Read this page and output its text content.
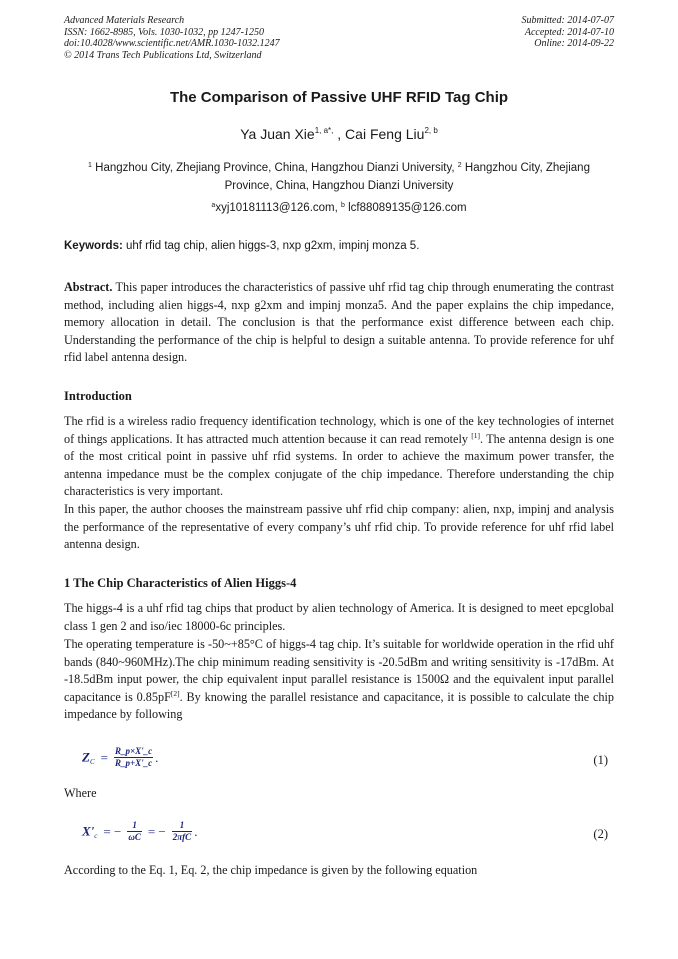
Advanced Materials Research
ISSN: 1662-8985, Vols. 1030-1032, pp 1247-1250
doi:10.4028/www.scientific.net/AMR.1030-1032.1247
© 2014 Trans Tech Publications Ltd, Switzerland
Submitted: 2014-07-07
Accepted: 2014-07-10
Online: 2014-09-22
The Comparison of Passive UHF RFID Tag Chip
Ya Juan Xie$^{1, a*,}$ , Cai Feng Liu$^{2, b}$
$^1$ Hangzhou City, Zhejiang Province, China, Hangzhou Dianzi University, $^2$ Hangzhou City, Zhejiang Province, China, Hangzhou Dianzi University
$^a$xyj10181113@126.com, $^b$ lcf88089135@126.com
Keywords: uhf rfid tag chip, alien higgs-3, nxp g2xm, impinj monza 5.
Abstract. This paper introduces the characteristics of passive uhf rfid tag chip through enumerating the contrast method, including alien higgs-4, nxp g2xm and impinj monza5. And the paper explains the chip impedance, memory allocation in detail. The conclusion is that the performance exist difference between each chip. Understanding the performance of the chip is helpful to design a suitable antenna. To provide reference for uhf rfid label antenna design.
Introduction
The rfid is a wireless radio frequency identification technology, which is one of the key technologies of internet of things applications. It has attracted much attention because it can read remotely [1]. The antenna design is one of the most critical point in passive uhf rfid systems. In order to achieve the maximum power transfer, the antenna impedance must be the complex conjugate of the chip impedance. Therefore understanding the chip characteristics is very important.
In this paper, the author chooses the mainstream passive uhf rfid chip company: alien, nxp, impinj and analysis the performance of the representative of every company’s uhf rfid chip. To provide reference for uhf rfid label antenna design.
1 The Chip Characteristics of Alien Higgs-4
The higgs-4 is a uhf rfid tag chips that product by alien technology of America. It is designed to meet epcglobal class 1 gen 2 and iso/iec 18000-6c principles.
The operating temperature is -50~+85°C of higgs-4 tag chip. It’s suitable for worldwide operation in the rfid uhf bands (840~960MHz).The chip minimum reading sensitivity is -20.5dBm and writing sensitivity is -17dBm. At -18.5dBm input power, the chip equivalent input parallel resistance is 1500Ω and the equivalent input parallel capacitance is 0.85pF[2]. By knowing the parallel resistance and capacitance, it is possible to calculate the chip impedance by following
$Z_C = \frac{R\_p\times X'\_c}{R\_p+X'\_c}$ .	(1)
Where
$X'_c$ = − $\frac{1}{\omega C}$ = − $\frac{1}{\text{2πfC}}$ .	(2)
According to the Eq. 1, Eq. 2, the chip impedance is given by the following equation
